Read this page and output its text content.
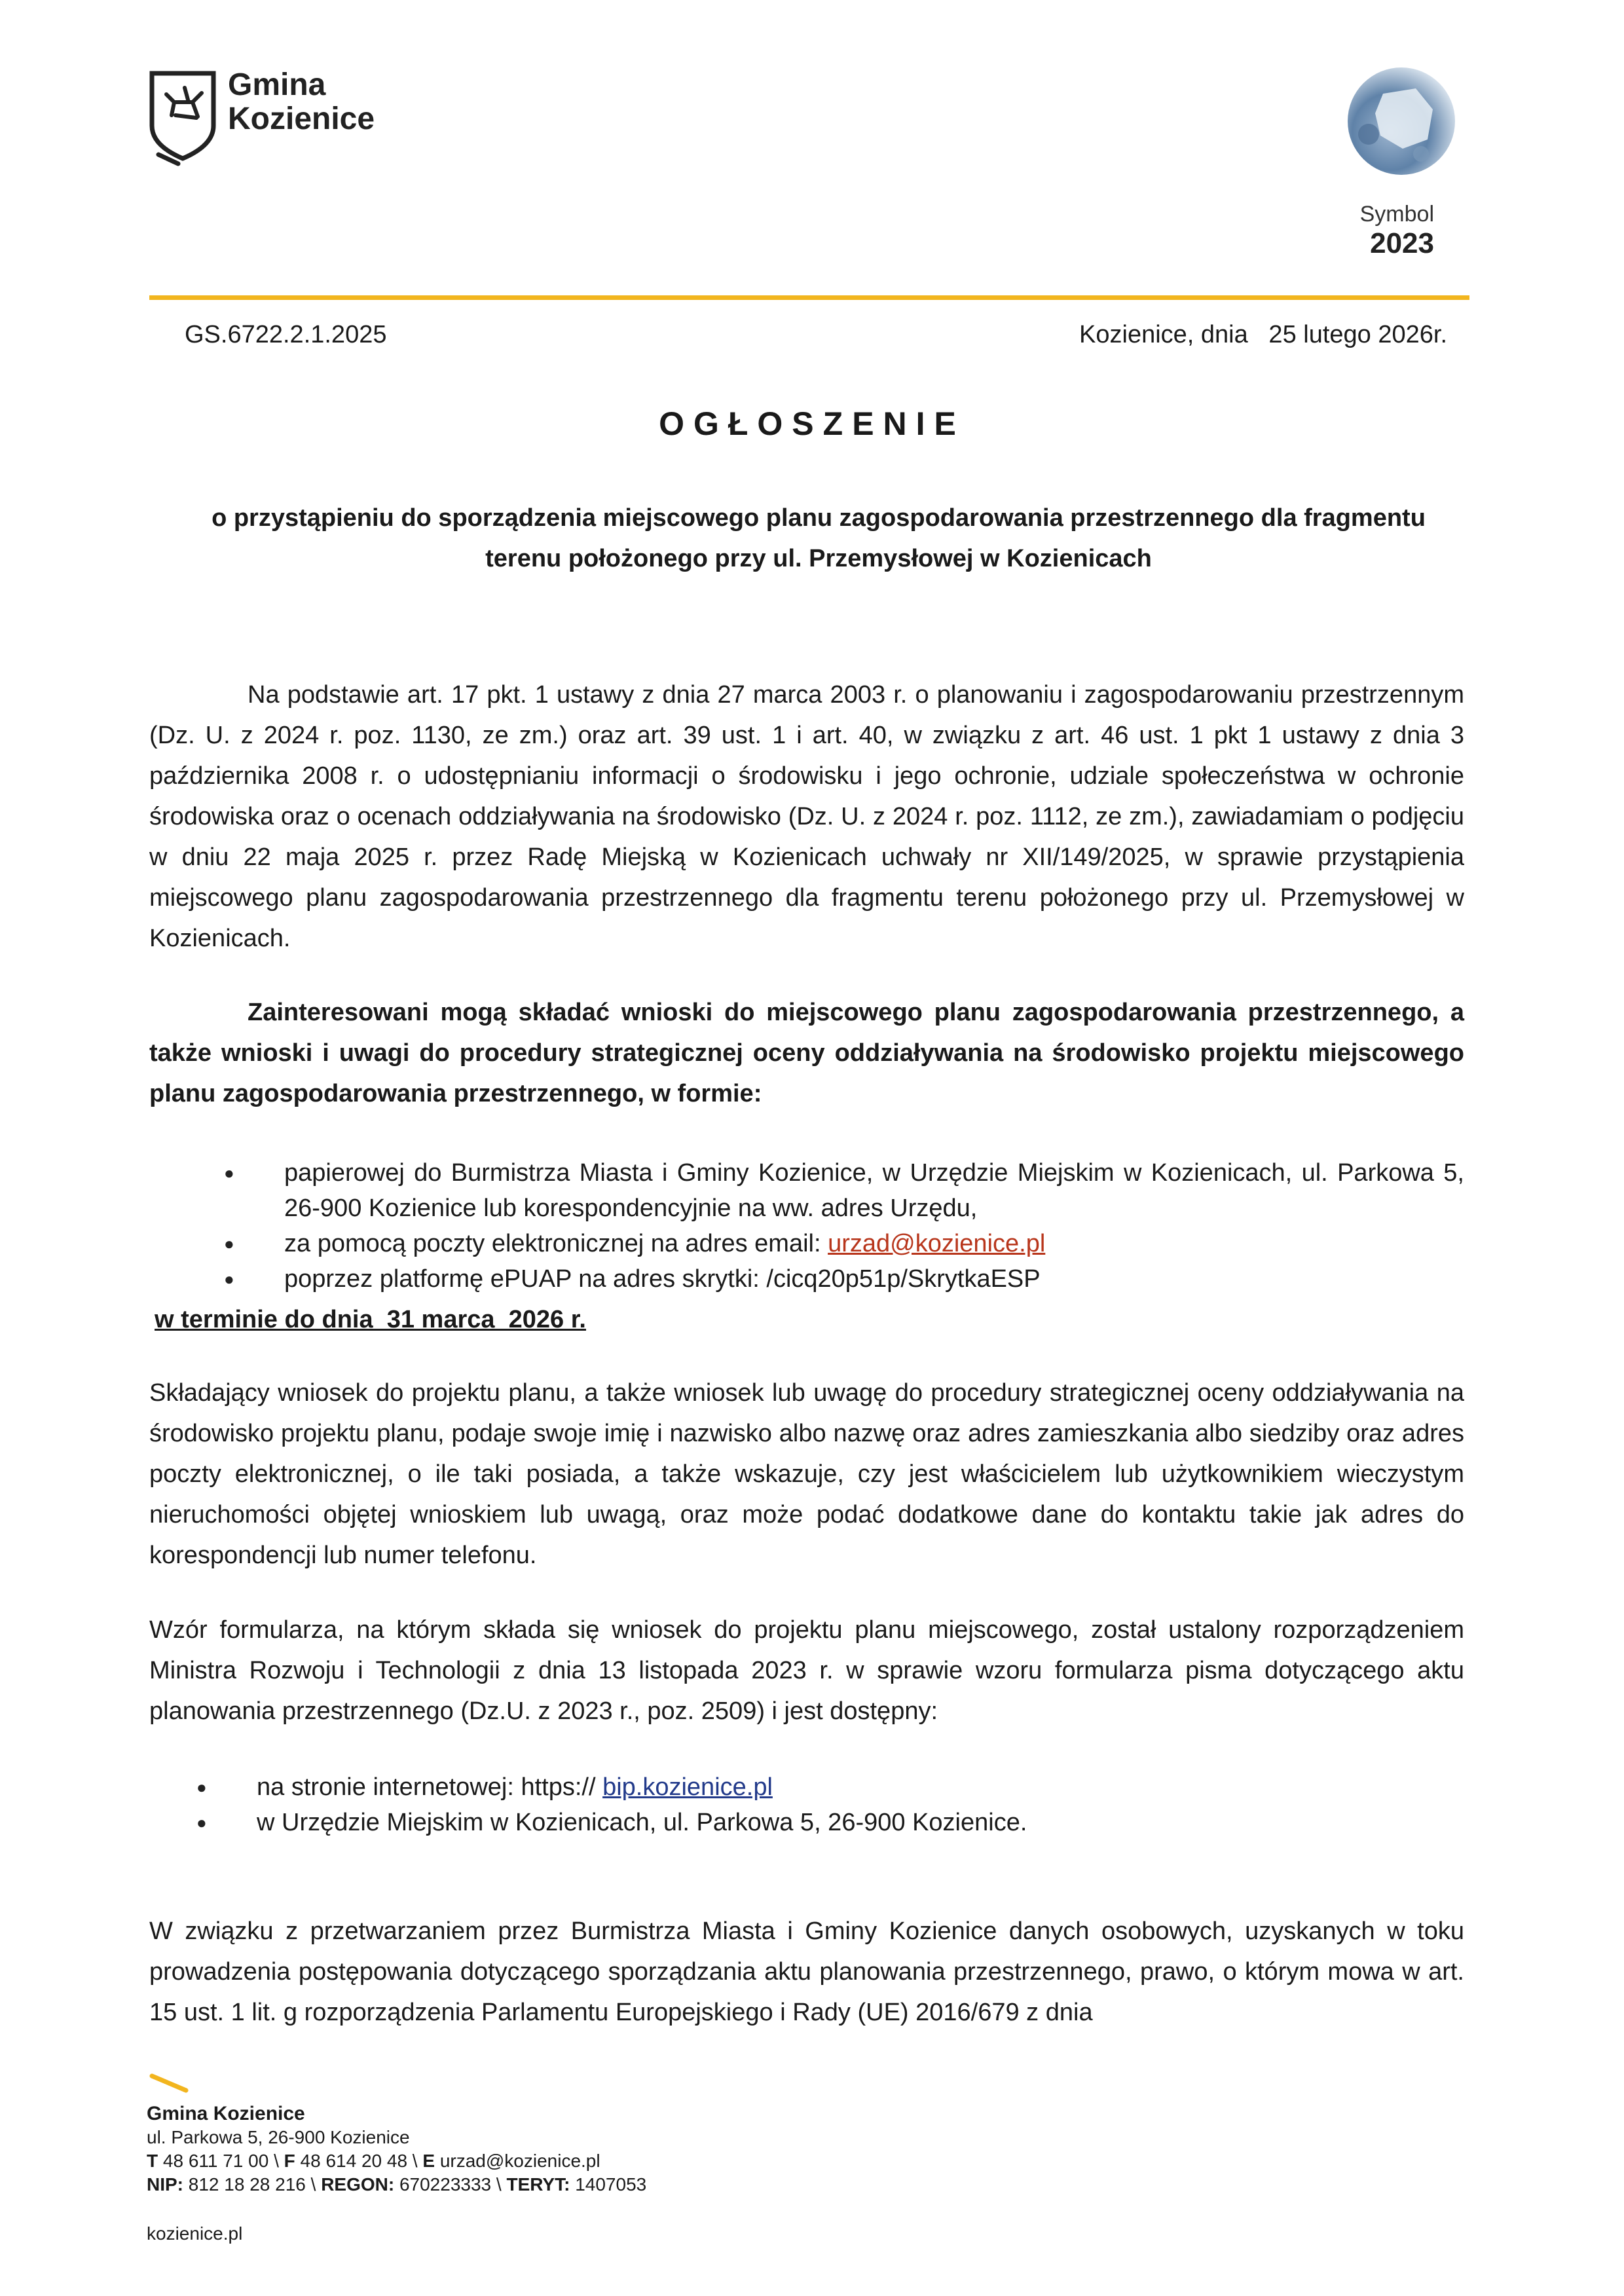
Gmina
Kozienice
Symbol
2023
GS.6722.2.1.2025	Kozienice, dnia   25 lutego 2026r.
OGŁOSZENIE
o przystąpieniu do sporządzenia miejscowego planu zagospodarowania przestrzennego dla fragmentu terenu położonego przy ul. Przemysłowej w Kozienicach
Na podstawie art. 17 pkt. 1 ustawy z dnia 27 marca 2003 r. o planowaniu i zagospodarowaniu przestrzennym (Dz. U. z 2024 r. poz. 1130, ze zm.) oraz art. 39 ust. 1 i art. 40, w związku z art. 46 ust. 1 pkt 1 ustawy z dnia 3 października 2008 r. o udostępnianiu informacji o środowisku i jego ochronie, udziale społeczeństwa w ochronie środowiska oraz o ocenach oddziaływania na środowisko (Dz. U. z 2024 r. poz. 1112, ze zm.), zawiadamiam o podjęciu w dniu 22 maja 2025 r. przez Radę Miejską w Kozienicach uchwały nr XII/149/2025, w sprawie przystąpienia miejscowego planu zagospodarowania przestrzennego dla fragmentu terenu położonego przy ul. Przemysłowej w Kozienicach.
Zainteresowani mogą składać wnioski do miejscowego planu zagospodarowania przestrzennego, a także wnioski i uwagi do procedury strategicznej oceny oddziaływania na środowisko projektu miejscowego planu zagospodarowania przestrzennego, w formie:
● papierowej do Burmistrza Miasta i Gminy Kozienice, w Urzędzie Miejskim w Kozienicach, ul. Parkowa 5, 26-900 Kozienice lub korespondencyjnie na ww. adres Urzędu,
● za pomocą poczty elektronicznej na adres email: urzad@kozienice.pl
● poprzez platformę ePUAP na adres skrytki: /cicq20p51p/SkrytkaESP
w terminie do dnia  31 marca  2026 r.
Składający wniosek do projektu planu, a także wniosek lub uwagę do procedury strategicznej oceny oddziaływania na środowisko projektu planu, podaje swoje imię i nazwisko albo nazwę oraz adres zamieszkania albo siedziby oraz adres poczty elektronicznej, o ile taki posiada, a także wskazuje, czy jest właścicielem lub użytkownikiem wieczystym nieruchomości objętej wnioskiem lub uwagą, oraz może podać dodatkowe dane do kontaktu takie jak adres do korespondencji lub numer telefonu.
Wzór formularza, na którym składa się wniosek do projektu planu miejscowego, został ustalony rozporządzeniem Ministra Rozwoju i Technologii z dnia 13 listopada 2023 r. w sprawie wzoru formularza pisma dotyczącego aktu planowania przestrzennego (Dz.U. z 2023 r., poz. 2509) i jest dostępny:
● na stronie internetowej: https:// bip.kozienice.pl
● w Urzędzie Miejskim w Kozienicach, ul. Parkowa 5, 26-900 Kozienice.
W związku z przetwarzaniem przez Burmistrza Miasta i Gminy Kozienice danych osobowych, uzyskanych w toku prowadzenia postępowania dotyczącego sporządzania aktu planowania przestrzennego, prawo, o którym mowa w art. 15 ust. 1 lit. g rozporządzenia Parlamentu Europejskiego i Rady (UE) 2016/679 z dnia
Gmina Kozienice
ul. Parkowa 5, 26-900 Kozienice
T 48 611 71 00 \ F 48 614 20 48 \ E urzad@kozienice.pl
NIP: 812 18 28 216 \ REGON: 670223333 \ TERYT: 1407053
kozienice.pl
